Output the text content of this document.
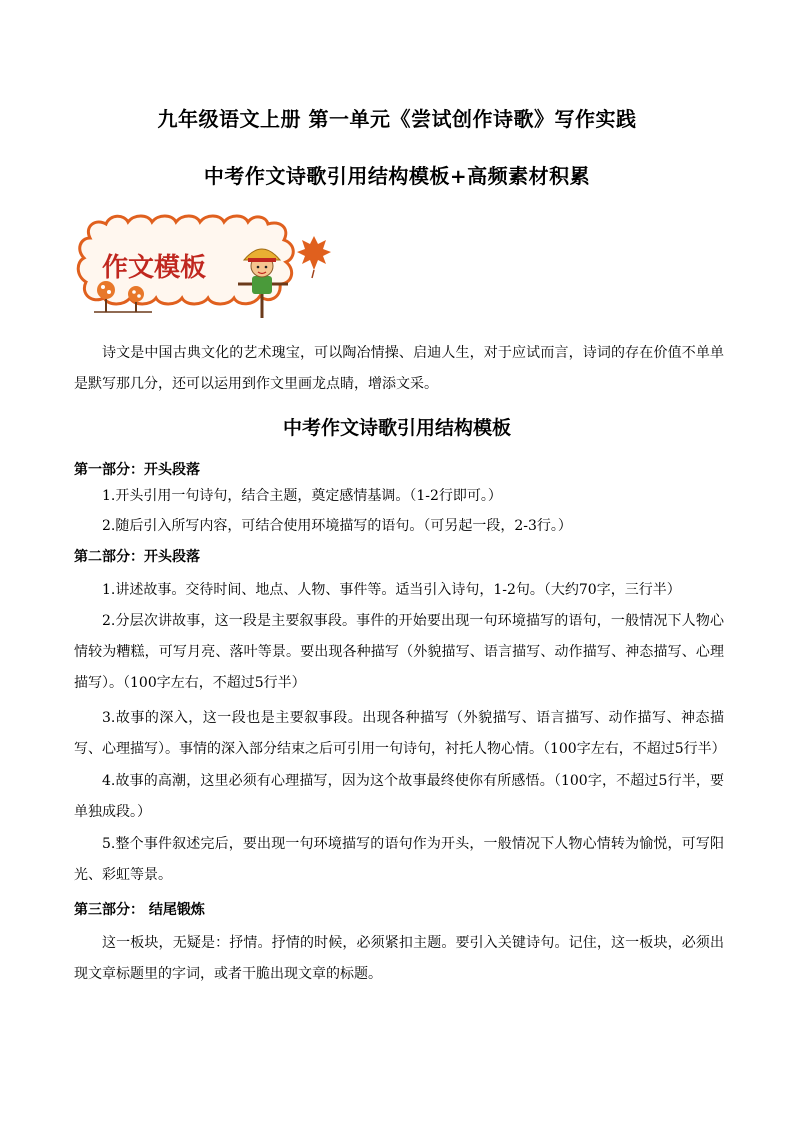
九年级语文上册 第一单元《尝试创作诗歌》写作实践
中考作文诗歌引用结构模板+高频素材积累
作文模板
诗文是中国古典文化的艺术瑰宝，可以陶冶情操、启迪人生，对于应试而言，诗词的存在价值不单单是默写那几分，还可以运用到作文里画龙点睛，增添文采。
中考作文诗歌引用结构模板
第一部分：开头段落
1.开头引用一句诗句，结合主题，奠定感情基调。（1-2行即可。）
2.随后引入所写内容，可结合使用环境描写的语句。（可另起一段，2-3行。）
第二部分：开头段落
1.讲述故事。交待时间、地点、人物、事件等。适当引入诗句，1-2句。（大约70字，三行半）
2.分层次讲故事，这一段是主要叙事段。事件的开始要出现一句环境描写的语句，一般情况下人物心情较为糟糕，可写月亮、落叶等景。要出现各种描写（外貌描写、语言描写、动作描写、神态描写、心理描写）。（100字左右，不超过5行半）
3.故事的深入，这一段也是主要叙事段。出现各种描写（外貌描写、语言描写、动作描写、神态描写、心理描写）。事情的深入部分结束之后可引用一句诗句，衬托人物心情。（100字左右，不超过5行半）
4.故事的高潮，这里必须有心理描写，因为这个故事最终使你有所感悟。（100字，不超过5行半，要单独成段。）
5.整个事件叙述完后，要出现一句环境描写的语句作为开头，一般情况下人物心情转为愉悦，可写阳光、彩虹等景。
第三部分： 结尾锻炼
这一板块，无疑是：抒情。抒情的时候，必须紧扣主题。要引入关键诗句。记住，这一板块，必须出现文章标题里的字词，或者干脆出现文章的标题。
